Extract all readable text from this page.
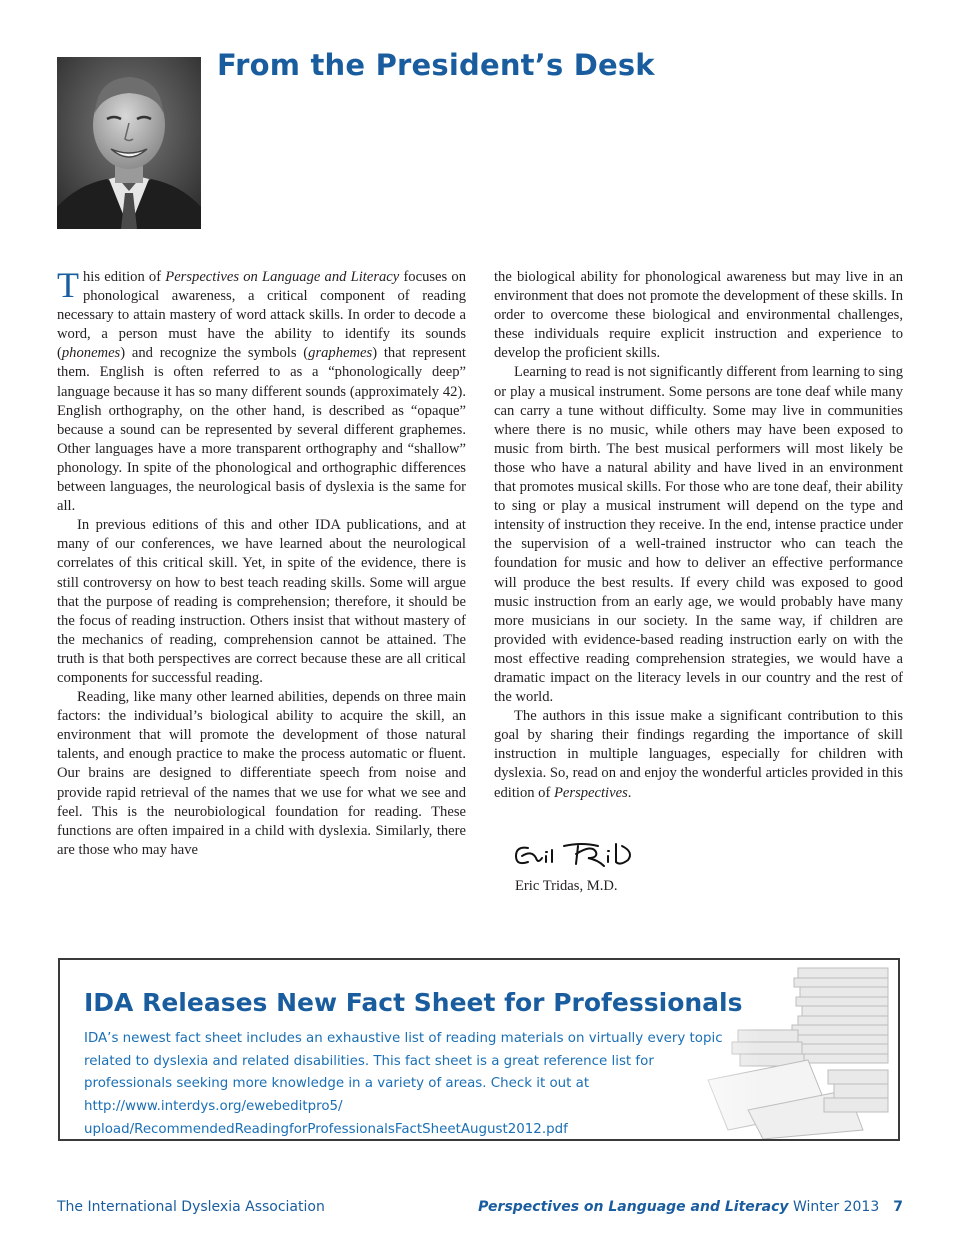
From the President’s Desk

This edition of Perspectives on Language and Literacy focuses on phonological awareness, a critical component of reading necessary to attain mastery of word attack skills. In order to decode a word, a person must have the ability to identify its sounds (phonemes) and recognize the symbols (graphemes) that represent them. English is often referred to as a “phonologically deep” language because it has so many different sounds (approximately 42). English orthography, on the other hand, is described as “opaque” because a sound can be represented by several different graphemes. Other languages have a more transparent orthography and “shallow” phonology. In spite of the phonological and orthographic differences between languages, the neurological basis of dyslexia is the same for all.

In previous editions of this and other IDA publications, and at many of our conferences, we have learned about the neurological correlates of this critical skill. Yet, in spite of the evidence, there is still controversy on how to best teach reading skills. Some will argue that the purpose of reading is comprehension; therefore, it should be the focus of reading instruction. Others insist that without mastery of the mechanics of reading, comprehension cannot be attained. The truth is that both perspectives are correct because these are all critical components for successful reading.

Reading, like many other learned abilities, depends on three main factors: the individual’s biological ability to acquire the skill, an environment that will promote the development of those natural talents, and enough practice to make the process automatic or fluent. Our brains are designed to differentiate speech from noise and provide rapid retrieval of the names that we use for what we see and feel. This is the neurobiological foundation for reading. These functions are often impaired in a child with dyslexia. Similarly, there are those who may have

the biological ability for phonological awareness but may live in an environment that does not promote the development of these skills. In order to overcome these biological and environmental challenges, these individuals require explicit instruction and experience to develop the proficient skills.

Learning to read is not significantly different from learning to sing or play a musical instrument. Some persons are tone deaf while many can carry a tune without difficulty. Some may live in communities where there is no music, while others may have been exposed to music from birth. The best musical performers will most likely be those who have a natural ability and have lived in an environment that promotes musical skills. For those who are tone deaf, their ability to sing or play a musical instrument will depend on the type and intensity of instruction they receive. In the end, intense practice under the supervision of a well-trained instructor who can teach the foundation for music and how to deliver an effective performance will produce the best results. If every child was exposed to good music instruction from an early age, we would probably have many more musicians in our society. In the same way, if children are provided with evidence-based reading instruction early on with the most effective reading comprehension strategies, we would have a dramatic impact on the literacy levels in our country and the rest of the world.

The authors in this issue make a significant contribution to this goal by sharing their findings regarding the importance of skill instruction in multiple languages, especially for children with dyslexia. So, read on and enjoy the wonderful articles provided in this edition of Perspectives.

Eric Tridas, M.D.
IDA Releases New Fact Sheet for Professionals

IDA’s newest fact sheet includes an exhaustive list of reading materials on virtually every topic related to dyslexia and related disabilities. This fact sheet is a great reference list for professionals seeking more knowledge in a variety of areas. Check it out at http://www.interdys.org/ewebeditpro5/ upload/RecommendedReadingforProfessionalsFactSheetAugust2012.pdf

The International Dyslexia Association	Perspectives on Language and Literacy Winter 2013 7
